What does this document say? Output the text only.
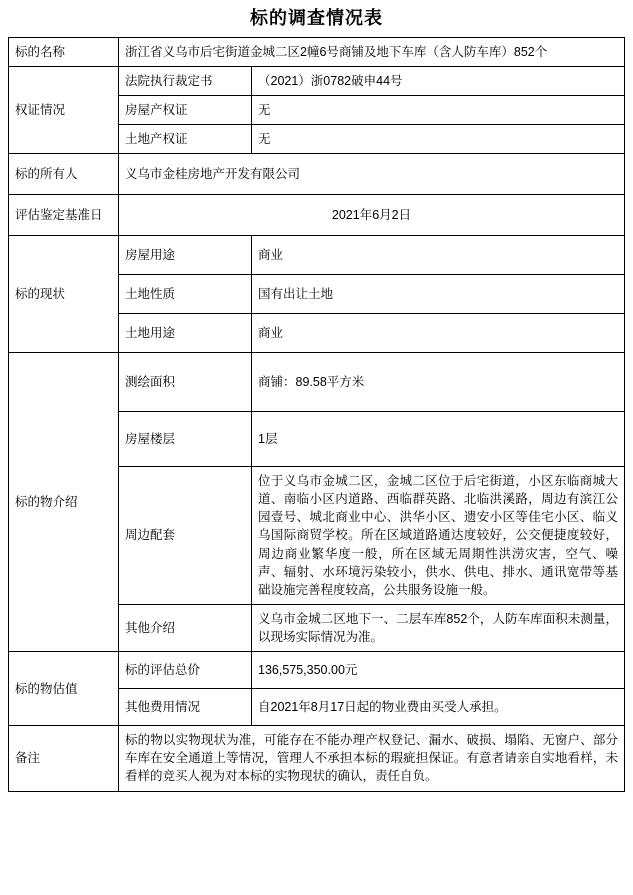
标的调查情况表
标的名称	浙江省义乌市后宅街道金城二区2幢6号商铺及地下车库（含人防车库）852个	
权证情况	法院执行裁定书	（2021）浙0782破申44号
	房屋产权证	无
	土地产权证	无
标的所有人	义乌市金桂房地产开发有限公司	
评估鉴定基准日	2021年6月2日	
标的现状	房屋用途	商业
	土地性质	国有出让土地
	土地用途	商业
标的物介绍	测绘面积	商铺：89.58平方米
	房屋楼层	1层
	周边配套	位于义乌市金城二区，金城二区位于后宅街道，小区东临商城大道、南临小区内道路、西临群英路、北临洪溪路，周边有滨江公园壹号、城北商业中心、洪华小区、遗安小区等佳宅小区、临义乌国际商贸学校。所在区域道路通达度较好，公交便捷度较好，周边商业繁华度一般，所在区域无周期性洪涝灾害，空气、噪声、辐射、水环境污染较小，供水、供电、排水、通讯宽带等基础设施完善程度较高，公共服务设施一般。
	其他介绍	义乌市金城二区地下一、二层车库852个，人防车库面积未测量，以现场实际情况为准。
标的物估值	标的评估总价	136,575,350.00元
	其他费用情况	自2021年8月17日起的物业费由买受人承担。
备注	标的物以实物现状为准，可能存在不能办理产权登记、漏水、破损、塌陷、无窗户、部分车库在安全通道上等情况，管理人不承担本标的瑕疵担保证。有意者请亲自实地看样，未看样的竞买人视为对本标的实物现状的确认，责任自负。	
